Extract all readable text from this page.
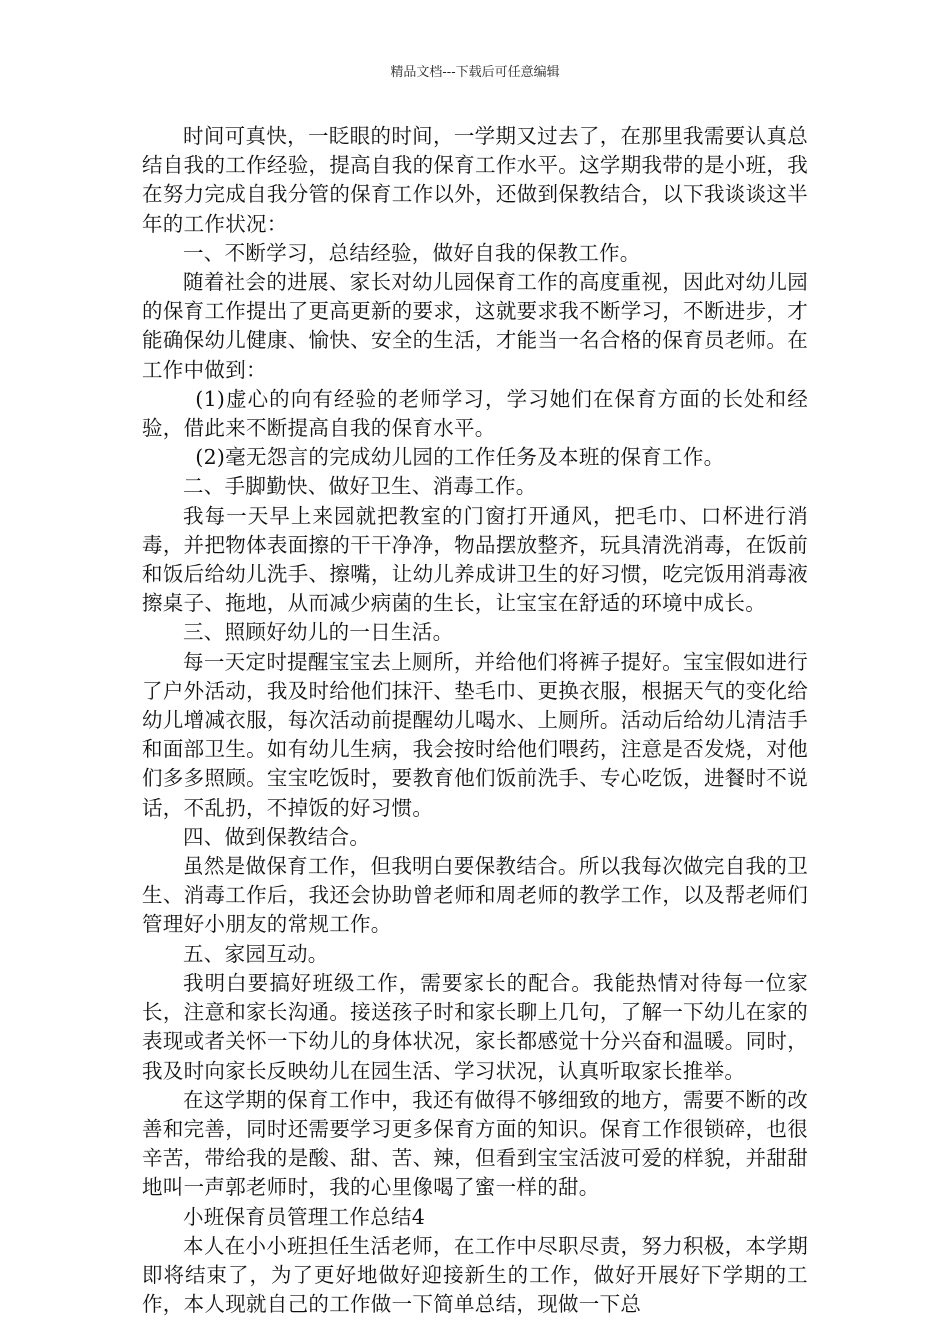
精品文档---下载后可任意编辑

时间可真快，一眨眼的时间，一学期又过去了，在那里我需要认真总结自我的工作经验，提高自我的保育工作水平。这学期我带的是小班，我在努力完成自我分管的保育工作以外，还做到保教结合，以下我谈谈这半年的工作状况：

一、不断学习，总结经验，做好自我的保教工作。

随着社会的进展、家长对幼儿园保育工作的高度重视，因此对幼儿园的保育工作提出了更高更新的要求，这就要求我不断学习，不断进步，才能确保幼儿健康、愉快、安全的生活，才能当一名合格的保育员老师。在工作中做到：

(1)虚心的向有经验的老师学习，学习她们在保育方面的长处和经验，借此来不断提高自我的保育水平。

(2)毫无怨言的完成幼儿园的工作任务及本班的保育工作。

二、手脚勤快、做好卫生、消毒工作。

我每一天早上来园就把教室的门窗打开通风，把毛巾、口杯进行消毒，并把物体表面擦的干干净净，物品摆放整齐，玩具清洗消毒，在饭前和饭后给幼儿洗手、擦嘴，让幼儿养成讲卫生的好习惯，吃完饭用消毒液擦桌子、拖地，从而减少病菌的生长，让宝宝在舒适的环境中成长。

三、照顾好幼儿的一日生活。

每一天定时提醒宝宝去上厕所，并给他们将裤子提好。宝宝假如进行了户外活动，我及时给他们抹汗、垫毛巾、更换衣服，根据天气的变化给幼儿增减衣服，每次活动前提醒幼儿喝水、上厕所。活动后给幼儿清洁手和面部卫生。如有幼儿生病，我会按时给他们喂药，注意是否发烧，对他们多多照顾。宝宝吃饭时，要教育他们饭前洗手、专心吃饭，进餐时不说话，不乱扔，不掉饭的好习惯。

四、做到保教结合。

虽然是做保育工作，但我明白要保教结合。所以我每次做完自我的卫生、消毒工作后，我还会协助曾老师和周老师的教学工作，以及帮老师们管理好小朋友的常规工作。

五、家园互动。

我明白要搞好班级工作，需要家长的配合。我能热情对待每一位家长，注意和家长沟通。接送孩子时和家长聊上几句，了解一下幼儿在家的表现或者关怀一下幼儿的身体状况，家长都感觉十分兴奋和温暖。同时，我及时向家长反映幼儿在园生活、学习状况，认真听取家长推举。

在这学期的保育工作中，我还有做得不够细致的地方，需要不断的改善和完善，同时还需要学习更多保育方面的知识。保育工作很锁碎，也很辛苦，带给我的是酸、甜、苦、辣，但看到宝宝活波可爱的样貌，并甜甜地叫一声郭老师时，我的心里像喝了蜜一样的甜。

小班保育员管理工作总结4

本人在小小班担任生活老师，在工作中尽职尽责，努力积极，本学期即将结束了，为了更好地做好迎接新生的工作，做好开展好下学期的工作，本人现就自己的工作做一下简单总结，现做一下总
